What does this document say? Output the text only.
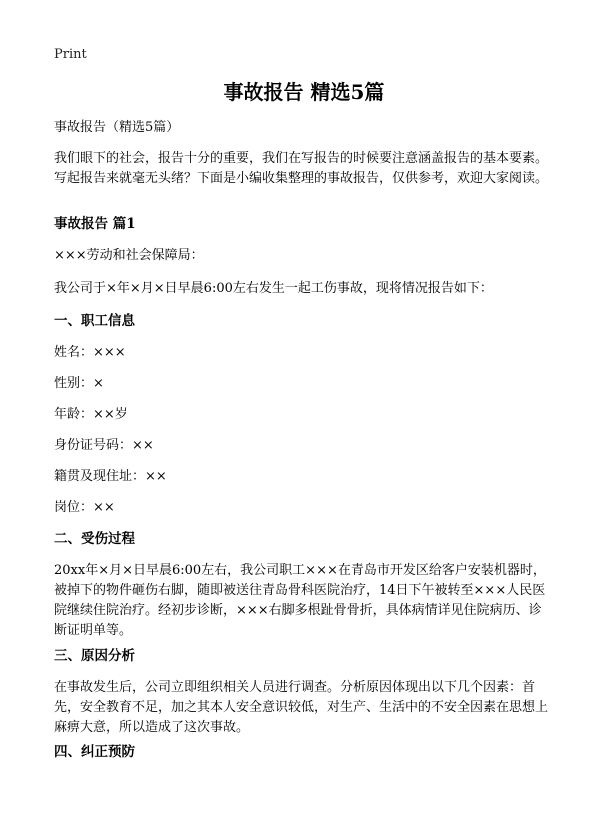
Print
事故报告 精选5篇

事故报告（精选5篇）

我们眼下的社会，报告十分的重要，我们在写报告的时候要注意涵盖报告的基本要素。写起报告来就毫无头绪？下面是小编收集整理的事故报告，仅供参考，欢迎大家阅读。

事故报告 篇1

×××劳动和社会保障局：

我公司于×年×月×日早晨6:00左右发生一起工伤事故，现将情况报告如下：

一、职工信息

姓名：×××

性别：×

年龄：××岁

身份证号码：××

籍贯及现住址：××

岗位：××

二、受伤过程

20xx年×月×日早晨6:00左右，我公司职工×××在青岛市开发区给客户安装机器时，被掉下的物件砸伤右脚，随即被送往青岛骨科医院治疗，14日下午被转至×××人民医院继续住院治疗。经初步诊断，×××右脚多根趾骨骨折，具体病情详见住院病历、诊断证明单等。

三、原因分析

在事故发生后，公司立即组织相关人员进行调查。分析原因体现出以下几个因素：首先，安全教育不足，加之其本人安全意识较低，对生产、生活中的不安全因素在思想上麻痹大意，所以造成了这次事故。

四、纠正预防
